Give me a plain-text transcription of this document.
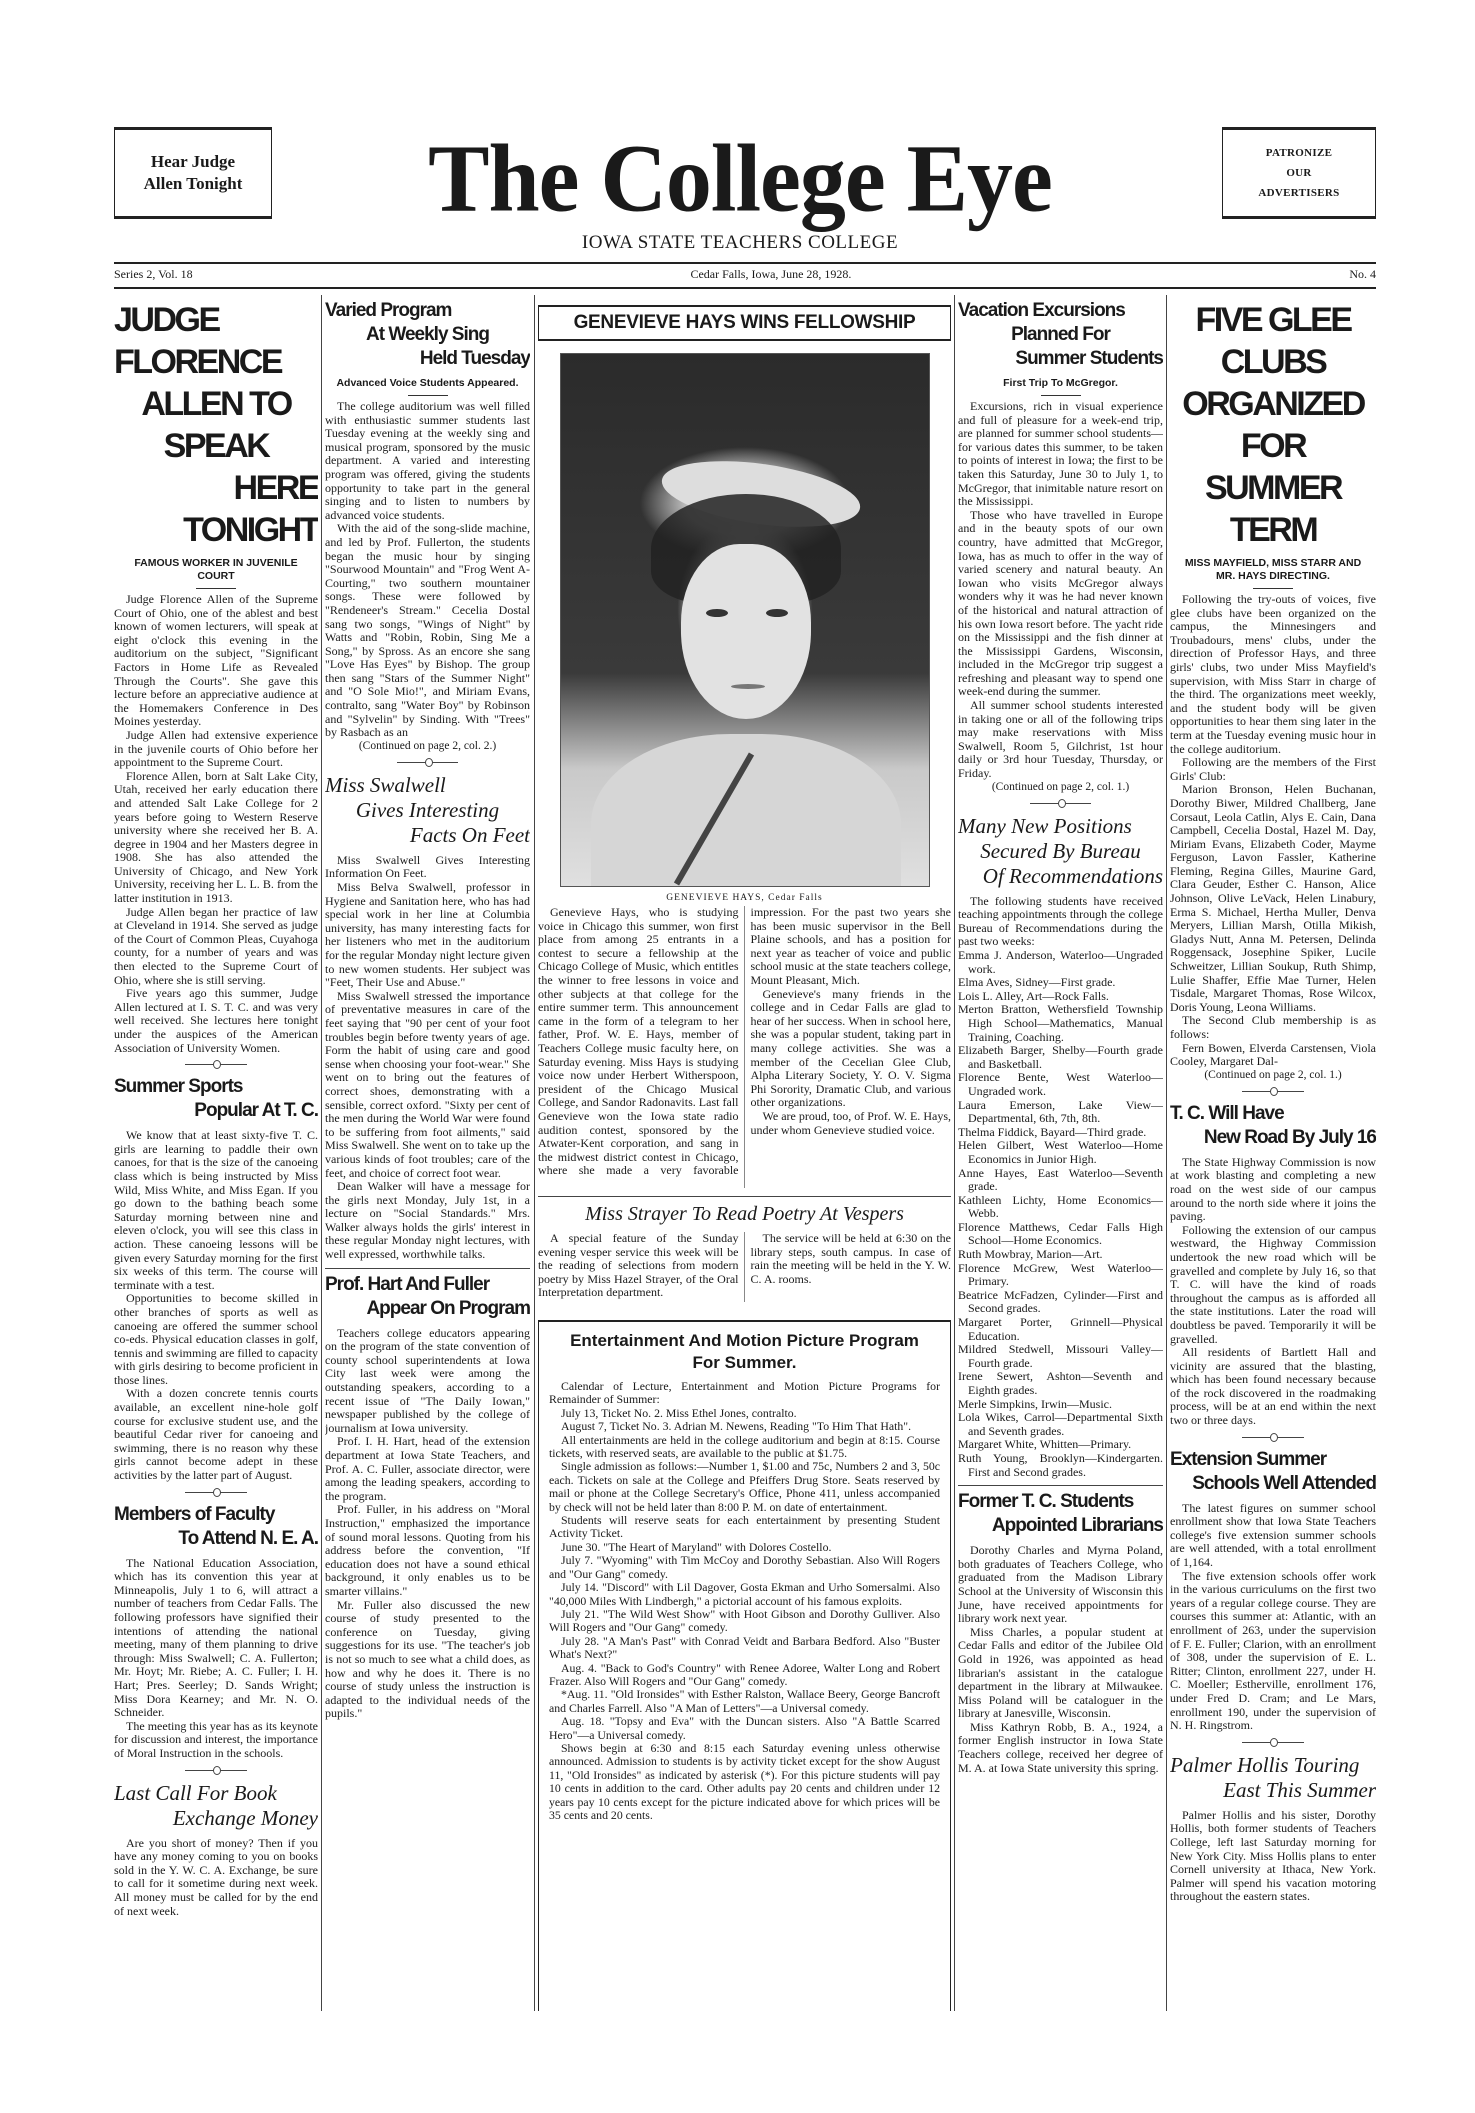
Hear Judge
Allen Tonight	The College Eye	PATRONIZE
OUR
ADVERTISERS
IOWA STATE TEACHERS COLLEGE
Series 2, Vol. 18	Cedar Falls, Iowa, June 28, 1928.	No. 4
JUDGE FLORENCE
ALLEN TO SPEAK
HERE TONIGHT
FAMOUS WORKER IN JUVENILE COURT

Judge Florence Allen of the Supreme Court of Ohio, one of the ablest and best known of women lecturers, will speak at eight o'clock this evening in the auditorium on the subject, "Significant Factors in Home Life as Revealed Through the Courts". She gave this lecture before an appreciative audience at the Homemakers Conference in Des Moines yesterday.

Judge Allen had extensive experience in the juvenile courts of Ohio before her appointment to the Supreme Court.

Florence Allen, born at Salt Lake City, Utah, received her early education there and attended Salt Lake College for 2 years before going to Western Reserve university where she received her B. A. degree in 1904 and her Masters degree in 1908. She has also attended the University of Chicago, and New York University, receiving her L. L. B. from the latter institution in 1913.

Judge Allen began her practice of law at Cleveland in 1914. She served as judge of the Court of Common Pleas, Cuyahoga county, for a number of years and was then elected to the Supreme Court of Ohio, where she is still serving.

Five years ago this summer, Judge Allen lectured at I. S. T. C. and was very well received. She lectures here tonight under the auspices of the American Association of University Women.

Summer Sports
Popular At T. C.

We know that at least sixty-five T. C. girls are learning to paddle their own canoes, for that is the size of the canoeing class which is being instructed by Miss Wild, Miss White, and Miss Egan. If you go down to the bathing beach some Saturday morning between nine and eleven o'clock, you will see this class in action. These canoeing lessons will be given every Saturday morning for the first six weeks of this term. The course will terminate with a test.

Opportunities to become skilled in other branches of sports as well as canoeing are offered the summer school co-eds. Physical education classes in golf, tennis and swimming are filled to capacity with girls desiring to become proficient in those lines.

With a dozen concrete tennis courts available, an excellent nine-hole golf course for exclusive student use, and the beautiful Cedar river for canoeing and swimming, there is no reason why these girls cannot become adept in these activities by the latter part of August.

Members of Faculty
To Attend N. E. A.

The National Education Association, which has its convention this year at Minneapolis, July 1 to 6, will attract a number of teachers from Cedar Falls. The following professors have signified their intentions of attending the national meeting, many of them planning to drive through: Miss Swalwell; C. A. Fullerton; Mr. Hoyt; Mr. Riebe; A. C. Fuller; I. H. Hart; Pres. Seerley; D. Sands Wright; Miss Dora Kearney; and Mr. N. O. Schneider.

The meeting this year has as its keynote for discussion and interest, the importance of Moral Instruction in the schools.

Last Call For Book
Exchange Money

Are you short of money? Then if you have any money coming to you on books sold in the Y. W. C. A. Exchange, be sure to call for it sometime during next week. All money must be called for by the end of next week.

Varied Program
At Weekly Sing
Held Tuesday
Advanced Voice Students Appeared.

The college auditorium was well filled with enthusiastic summer students last Tuesday evening at the weekly sing and musical program, sponsored by the music department. A varied and interesting program was offered, giving the students opportunity to take part in the general singing and to listen to numbers by advanced voice students.

With the aid of the song-slide machine, and led by Prof. Fullerton, the students began the music hour by singing "Sourwood Mountain" and "Frog Went A-Courting," two southern mountainer songs. These were followed by "Rendeneer's Stream." Cecelia Dostal sang two songs, "Wings of Night" by Watts and "Robin, Robin, Sing Me a Song," by Spross. As an encore she sang "Love Has Eyes" by Bishop. The group then sang "Stars of the Summer Night" and "O Sole Mio!", and Miriam Evans, contralto, sang "Water Boy" by Robinson and "Sylvelin" by Sinding. With "Trees" by Rasbach as an

(Continued on page 2, col. 2.)
Miss Swalwell
Gives Interesting
Facts On Feet

Miss Swalwell Gives Interesting Information On Feet.

Miss Belva Swalwell, professor in Hygiene and Sanitation here, who has had special work in her line at Columbia university, has many interesting facts for her listeners who met in the auditorium for the regular Monday night lecture given to new women students. Her subject was "Feet, Their Use and Abuse."

Miss Swalwell stressed the importance of preventative measures in care of the feet saying that "90 per cent of your foot troubles begin before twenty years of age. Form the habit of using care and good sense when choosing your foot-wear." She went on to bring out the features of correct shoes, demonstrating with a sensible, correct oxford. "Sixty per cent of the men during the World War were found to be suffering from foot ailments," said Miss Swalwell. She went on to take up the various kinds of foot troubles; care of the feet, and choice of correct foot wear.

Dean Walker will have a message for the girls next Monday, July 1st, in a lecture on "Social Standards." Mrs. Walker always holds the girls' interest in these regular Monday night lectures, with well expressed, worthwhile talks.

Prof. Hart And Fuller
Appear On Program

Teachers college educators appearing on the program of the state convention of county school superintendents at Iowa City last week were among the outstanding speakers, according to a recent issue of "The Daily Iowan," newspaper published by the college of journalism at Iowa university.

Prof. I. H. Hart, head of the extension department at Iowa State Teachers, and Prof. A. C. Fuller, associate director, were among the leading speakers, according to the program.

Prof. Fuller, in his address on "Moral Instruction," emphasized the importance of sound moral lessons. Quoting from his address before the convention, "If education does not have a sound ethical background, it only enables us to be smarter villains."

Mr. Fuller also discussed the new course of study presented to the conference on Tuesday, giving suggestions for its use. "The teacher's job is not so much to see what a child does, as how and why he does it. There is no course of study unless the instruction is adapted to the individual needs of the pupils."

GENEVIEVE HAYS WINS FELLOWSHIP
GENEVIEVE HAYS, Cedar Falls

Genevieve Hays, who is studying voice in Chicago this summer, won first place from among 25 entrants in a contest to secure a fellowship at the Chicago College of Music, which entitles the winner to free lessons in voice and other subjects at that college for the entire summer term. This announcement came in the form of a telegram to her father, Prof. W. E. Hays, member of Teachers College music faculty here, on Saturday evening. Miss Hays is studying voice now under Herbert Witherspoon, president of the Chicago Musical College, and Sandor Radonavits. Last fall Genevieve won the Iowa state radio audition contest, sponsored by the Atwater-Kent corporation, and sang in the midwest district contest in Chicago, where she made a very favorable impression. For the past two years she has been music supervisor in the Bell Plaine schools, and has a position for next year as teacher of voice and public school music at the state teachers college, Mount Pleasant, Mich.

Genevieve's many friends in the college and in Cedar Falls are glad to hear of her success. When in school here, she was a popular student, taking part in many college activities. She was a member of the Cecelian Glee Club, Alpha Literary Society, Y. O. V. Sigma Phi Sorority, Dramatic Club, and various other organizations.

We are proud, too, of Prof. W. E. Hays, under whom Genevieve studied voice.

Miss Strayer To Read Poetry At Vespers

A special feature of the Sunday evening vesper service this week will be the reading of selections from modern poetry by Miss Hazel Strayer, of the Oral Interpretation department.

The service will be held at 6:30 on the library steps, south campus. In case of rain the meeting will be held in the Y. W. C. A. rooms.

Entertainment And Motion Picture Program
For Summer.

Calendar of Lecture, Entertainment and Motion Picture Programs for Remainder of Summer:

July 13, Ticket No. 2. Miss Ethel Jones, contralto.

August 7, Ticket No. 3. Adrian M. Newens, Reading "To Him That Hath".

All entertainments are held in the college auditorium and begin at 8:15. Course tickets, with reserved seats, are available to the public at $1.75.

Single admission as follows:—Number 1, $1.00 and 75c, Numbers 2 and 3, 50c each. Tickets on sale at the College and Pfeiffers Drug Store. Seats reserved by mail or phone at the College Secretary's Office, Phone 411, unless accompanied by check will not be held later than 8:00 P. M. on date of entertainment.

Students will reserve seats for each entertainment by presenting Student Activity Ticket.

June 30. "The Heart of Maryland" with Dolores Costello.

July 7. "Wyoming" with Tim McCoy and Dorothy Sebastian. Also Will Rogers and "Our Gang" comedy.

July 14. "Discord" with Lil Dagover, Gosta Ekman and Urho Somersalmi. Also "40,000 Miles With Lindbergh," a pictorial account of his famous exploits.

July 21. "The Wild West Show" with Hoot Gibson and Dorothy Gulliver. Also Will Rogers and "Our Gang" comedy.

July 28. "A Man's Past" with Conrad Veidt and Barbara Bedford. Also "Buster What's Next?"

Aug. 4. "Back to God's Country" with Renee Adoree, Walter Long and Robert Frazer. Also Will Rogers and "Our Gang" comedy.

*Aug. 11. "Old Ironsides" with Esther Ralston, Wallace Beery, George Bancroft and Charles Farrell. Also "A Man of Letters"—a Universal comedy.

Aug. 18. "Topsy and Eva" with the Duncan sisters. Also "A Battle Scarred Hero"—a Universal comedy.

Shows begin at 6:30 and 8:15 each Saturday evening unless otherwise announced. Admission to students is by activity ticket except for the show August 11, "Old Ironsides" as indicated by asterisk (*). For this picture students will pay 10 cents in addition to the card. Other adults pay 20 cents and children under 12 years pay 10 cents except for the picture indicated above for which prices will be 35 cents and 20 cents.

Vacation Excursions
Planned For
Summer Students
First Trip To McGregor.

Excursions, rich in visual experience and full of pleasure for a week-end trip, are planned for summer school students—for various dates this summer, to be taken to points of interest in Iowa; the first to be taken this Saturday, June 30 to July 1, to McGregor, that inimitable nature resort on the Mississippi.

Those who have travelled in Europe and in the beauty spots of our own country, have admitted that McGregor, Iowa, has as much to offer in the way of varied scenery and natural beauty. An Iowan who visits McGregor always wonders why it was he had never known of the historical and natural attraction of his own Iowa resort before. The yacht ride on the Mississippi and the fish dinner at the Mississippi Gardens, Wisconsin, included in the McGregor trip suggest a refreshing and pleasant way to spend one week-end during the summer.

All summer school students interested in taking one or all of the following trips may make reservations with Miss Swalwell, Room 5, Gilchrist, 1st hour daily or 3rd hour Tuesday, Thursday, or Friday.

(Continued on page 2, col. 1.)
Many New Positions
Secured By Bureau
Of Recommendations

The following students have received teaching appointments through the college Bureau of Recommendations during the past two weeks:

Emma J. Anderson, Waterloo—Ungraded work.

Elma Aves, Sidney—First grade.

Lois L. Alley, Art—Rock Falls.

Merton Bratton, Wethersfield Township High School—Mathematics, Manual Training, Coaching.

Elizabeth Barger, Shelby—Fourth grade and Basketball.

Florence Bente, West Waterloo—Ungraded work.

Laura Emerson, Lake View—Departmental, 6th, 7th, 8th.

Thelma Fiddick, Bayard—Third grade.

Helen Gilbert, West Waterloo—Home Economics in Junior High.

Anne Hayes, East Waterloo—Seventh grade.

Kathleen Lichty, Home Economics—Webb.

Florence Matthews, Cedar Falls High School—Home Economics.

Ruth Mowbray, Marion—Art.

Florence McGrew, West Waterloo—Primary.

Beatrice McFadzen, Cylinder—First and Second grades.

Margaret Porter, Grinnell—Physical Education.

Mildred Stedwell, Missouri Valley—Fourth grade.

Irene Sewert, Ashton—Seventh and Eighth grades.

Merle Simpkins, Irwin—Music.

Lola Wikes, Carrol—Departmental Sixth and Seventh grades.

Margaret White, Whitten—Primary.

Ruth Young, Brooklyn—Kindergarten. First and Second grades.

Former T. C. Students
Appointed Librarians

Dorothy Charles and Myrna Poland, both graduates of Teachers College, who graduated from the Madison Library School at the University of Wisconsin this June, have received appointments for library work next year.

Miss Charles, a popular student at Cedar Falls and editor of the Jubilee Old Gold in 1926, was appointed as head librarian's assistant in the catalogue department in the library at Milwaukee. Miss Poland will be cataloguer in the library at Janesville, Wisconsin.

Miss Kathryn Robb, B. A., 1924, a former English instructor in Iowa State Teachers college, received her degree of M. A. at Iowa State university this spring.

FIVE GLEE CLUBS
ORGANIZED FOR
SUMMER TERM
MISS MAYFIELD, MISS STARR AND MR. HAYS DIRECTING.

Following the try-outs of voices, five glee clubs have been organized on the campus, the Minnesingers and Troubadours, mens' clubs, under the direction of Professor Hays, and three girls' clubs, two under Miss Mayfield's supervision, with Miss Starr in charge of the third. The organizations meet weekly, and the student body will be given opportunities to hear them sing later in the term at the Tuesday evening music hour in the college auditorium.

Following are the members of the First Girls' Club:

Marion Bronson, Helen Buchanan, Dorothy Biwer, Mildred Challberg, Jane Corsaut, Leola Catlin, Alys E. Cain, Dana Campbell, Cecelia Dostal, Hazel M. Day, Miriam Evans, Elizabeth Coder, Mayme Ferguson, Lavon Fassler, Katherine Fleming, Regina Gilles, Maurine Gard, Clara Geuder, Esther C. Hanson, Alice Johnson, Olive LeVack, Helen Linabury, Erma S. Michael, Hertha Muller, Denva Meryers, Lillian Marsh, Otilla Mikish, Gladys Nutt, Anna M. Petersen, Delinda Roggensack, Josephine Spiker, Lucile Schweitzer, Lillian Soukup, Ruth Shimp, Lulie Shaffer, Effie Mae Turner, Helen Tisdale, Margaret Thomas, Rose Wilcox, Doris Young, Leona Williams.

The Second Club membership is as follows:

Fern Bowen, Elverda Carstensen, Viola Cooley, Margaret Dal-

(Continued on page 2, col. 1.)
T. C. Will Have
New Road By July 16

The State Highway Commission is now at work blasting and completing a new road on the west side of our campus around to the north side where it joins the paving.

Following the extension of our campus westward, the Highway Commission undertook the new road which will be gravelled and complete by July 16, so that T. C. will have the kind of roads throughout the campus as is afforded all the state institutions. Later the road will doubtless be paved. Temporarily it will be gravelled.

All residents of Bartlett Hall and vicinity are assured that the blasting, which has been found necessary because of the rock discovered in the roadmaking process, will be at an end within the next two or three days.

Extension Summer
Schools Well Attended

The latest figures on summer school enrollment show that Iowa State Teachers college's five extension summer schools are well attended, with a total enrollment of 1,164.

The five extension schools offer work in the various curriculums on the first two years of a regular college course. They are courses this summer at: Atlantic, with an enrollment of 263, under the supervision of F. E. Fuller; Clarion, with an enrollment of 308, under the supervision of E. L. Ritter; Clinton, enrollment 227, under H. C. Moeller; Estherville, enrollment 176, under Fred D. Cram; and Le Mars, enrollment 190, under the supervision of N. H. Ringstrom.

Palmer Hollis Touring
East This Summer

Palmer Hollis and his sister, Dorothy Hollis, both former students of Teachers College, left last Saturday morning for New York City. Miss Hollis plans to enter Cornell university at Ithaca, New York. Palmer will spend his vacation motoring throughout the eastern states.
